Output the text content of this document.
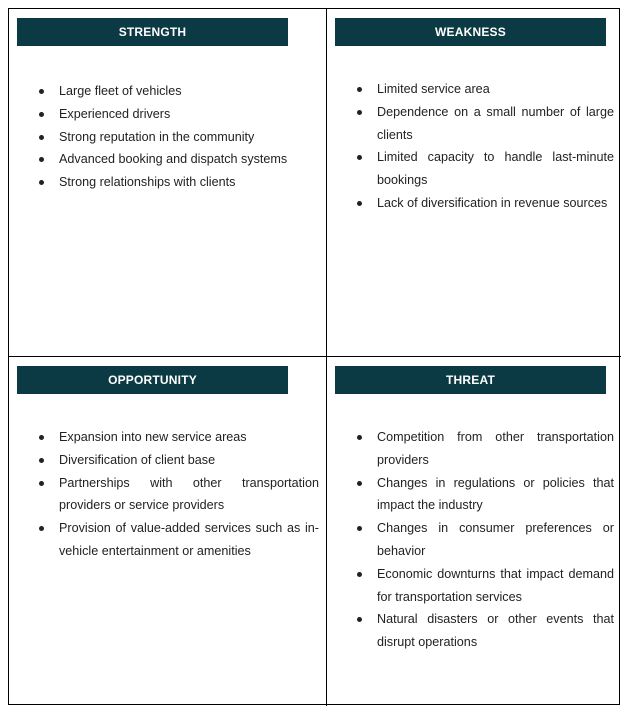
STRENGTH
Large fleet of vehicles
Experienced drivers
Strong reputation in the community
Advanced booking and dispatch systems
Strong relationships with clients
WEAKNESS
Limited service area
Dependence on a small number of large clients
Limited capacity to handle last-minute bookings
Lack of diversification in revenue sources
OPPORTUNITY
Expansion into new service areas
Diversification of client base
Partnerships with other transportation providers or service providers
Provision of value-added services such as in-vehicle entertainment or amenities
THREAT
Competition from other transportation providers
Changes in regulations or policies that impact the industry
Changes in consumer preferences or behavior
Economic downturns that impact demand for transportation services
Natural disasters or other events that disrupt operations
